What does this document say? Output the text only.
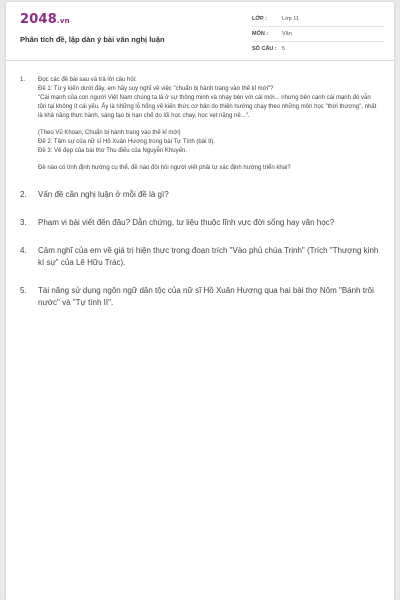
2048.vn
Phân tích đề, lập dàn ý bài văn nghị luận
LỚP :	Lớp 11
MÔN :	Văn
SỐ CÂU : 5
1.	Đọc các đề bài sau và trả lời câu hỏi:

Đề 1: Từ ý kiến dưới đây, em hãy suy nghĩ về việc "chuẩn bị hành trang vào thế kỉ mới"?

"Cái mạnh của con người Việt Nam chúng ta là ở sự thông minh và nhạy bén với cái mới... nhưng bên cạnh cái mạnh đó vẫn tồn tại không ít cái yếu. Ấy là những lỗ hổng về kiến thức cơ bản do thiên hướng chạy theo những môn học "thời thượng", nhất là khả năng thực hành, sáng tạo bị hạn chế do lối học chay, học vẹt nặng nề...".

(Theo Vũ Khoan, Chuẩn bị hành trang vào thế kỉ mới)

Đề 2: Tâm sự của nữ sĩ Hồ Xuân Hương trong bài Tự Tình (bài II).

Đề 3: Vẻ đẹp của bài thơ Thu điếu của Nguyễn Khuyến.

Đề nào có tính định hướng cụ thể, đề nào đòi hỏi người viết phải tự xác định hướng triển khai?

2.	Vấn đề cần nghị luận ở mỗi đề là gì?
3.	Phạm vi bài viết đến đâu? Dẫn chứng, tư liệu thuộc lĩnh vực đời sống hay văn học?
4.	Cảm nghĩ của em về giá trị hiện thực trong đoạn trích "Vào phủ chúa Trịnh" (Trích "Thượng kinh kí sự" của Lê Hữu Trác).
5.	Tài năng sử dụng ngôn ngữ dân tộc của nữ sĩ Hồ Xuân Hương qua hai bài thơ Nôm "Bánh trôi nước" và "Tự tình II".
